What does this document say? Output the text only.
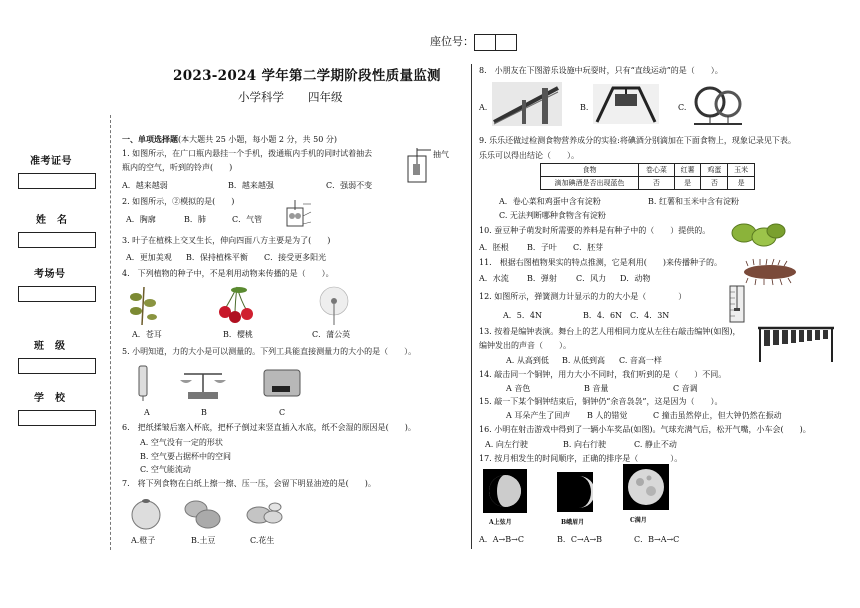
座位号：
2023-2024 学年第二学期阶段性质量监测
小学科学 四年级
准考证号
姓　名
考场号
班　级
学　校
一、单项选择题(本大题共 25 小题，每小题 2 分，共 50 分)
1. 如图所示，在广口瓶内悬挂一个手机，拨通瓶内手机的同时试着抽去
瓶内的空气，听到的铃声(　　)
A．越来越弱	B．越来越强	C．强弱不变
抽气
2. 如图所示，②模拟的是(　　)
A．胸廓	B．肺	C．气管
3. 叶子在植株上交叉生长，伸向四面八方主要是为了(　　)
A．更加美观 B．保持植株平衡 C．接受更多阳光
4.　下列植物的种子中，不是利用动物来传播的是（　　）。
A．苍耳	B．樱桃	C．蒲公英
5. 小明知道，力的大小是可以测量的。下列工具能直接测量力的大小的是（　　）。
A	B	C
6.　把纸揉皱后塞入杯底，把杯子倒过来竖直插入水底，纸不会湿的原因是(　　)。
A. 空气没有一定的形状
B. 空气要占据杯中的空间
C. 空气能流动
7.　将下列食物在白纸上擦一擦、压一压，会留下明显油迹的是(　　)。
A.橙子	B.土豆	C.花生
8.　小朋友在下图游乐设施中玩耍时，只有“直线运动”的是（　　）。
A.	B.	C.
9. 乐乐还做过检测食物营养成分的实验:将碘酒分别滴加在下面食物上，现象记录见下表。
乐乐可以得出结论（　　）。
食物	卷心菜	红薯	鸡蛋	玉米
滴加碘酒是否出现蓝色	否	是	否	是
A．卷心菜和鸡蛋中含有淀粉	B. 红薯和玉米中含有淀粉
C. 无法判断哪种食物含有淀粉
10. 蚕豆种子萌发时所需要的养料是有种子中的（　　）提供的。
A．胚根 B．子叶 C．胚芽
11.　根据右图植物果实的特点推测，它是利用(　　)来传播种子的。
A．水流 B．弹射 C．风力 D．动物
12. 如图所示，弹簧测力计显示的力的大小是（　　　　）
A．5．4N	B．4．6N C．4．3N
13. 按着是编钟表演。舞台上的艺人用相同力度从左往右敲击编钟(如图)，
编钟发出的声音（　　）。
A. 从高到低 B. 从低到高 C. 音高一样
14. 敲击同一个铜钟，用力大小不同时，我们听到的是（　　）不同。
A 音色	B 音量	C 音调
15. 敲一下某个铜钟结束后，铜钟仍“余音袅袅”，这是因为（　　）。
A 耳朵产生了回声 B 人的错觉	C 撞击虽然停止，但大钟仍然在振动
16. 小明在射击游戏中得到了一辆小车奖品(如图)。气球充满气后，松开气嘴，小车会(　　)。
A. 向左行驶	B. 向右行驶	C. 静止不动
17. 按月相发生的时间顺序，正确的排序是（　　　　）。
A上弦月	B峨眉月	C满月
A．A→B→C	B．C→A→B	C．B→A→C
